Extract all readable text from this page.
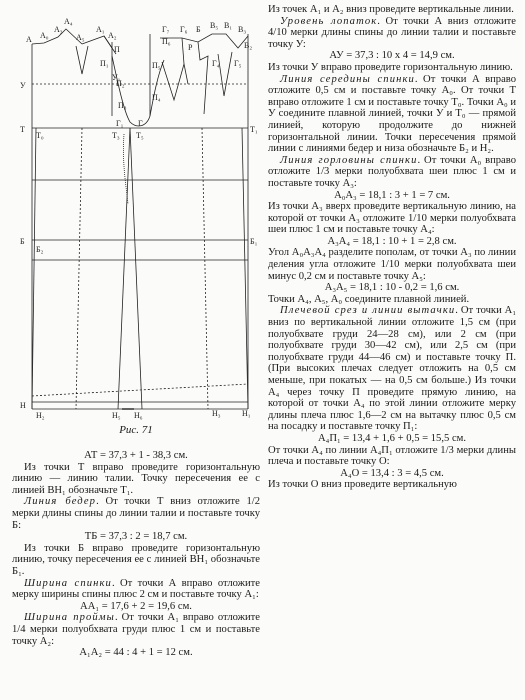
A₀
A
A₃
A₄
A₅
A₁
A₂
П
П₁
П₂
П₃
П₄
П₅
П₆
Г₇ Г₆ Б В₅ В₁ В₃
В₂
Р
Г₄ Г₅
У
У₁
Г
Г₁
T
T₀	T₃ T₅
T₁
Б
Б₂
Б₁
H
H₂	H₅ H₆	H₃	H₁
Рис. 71

АТ = 37,3 + 1 - 38,3 см.

Из точки Т вправо проведите горизонтальную линию — линию талии. Точку пересечения ее с линией ВН₁ обозначьте Т₁.

Линия бедер. От точки Т вниз отложите 1/2 мерки длины спины до линии талии и поставьте точку Б:

ТБ = 37,3 : 2 = 18,7 см.

Из точки Б вправо проведите горизонтальную линию, точку пересечения ее с линией ВН₁ обозначьте Б₁.

Ширина спинки. От точки А вправо отложите мерку ширины спины плюс 2 см и поставьте точку А₁:

АА₁ = 17,6 + 2 = 19,6 см.

Ширина проймы. От точки А₁ вправо отложите 1/4 мерки полуобхвата груди плюс 1 см и поставьте точку А₂:

А₁А₂ = 44 : 4 + 1 = 12 см.

Из точек А₁ и А₂ вниз проведите вертикальные линии.

Уровень лопаток. От точки А вниз отложите 4/10 мерки длины спины до линии талии и поставьте точку У:

АУ = 37,3 : 10 х 4 = 14,9 см.

Из точки У вправо проведите горизонтальную линию.

Линия середины спинки. От точки А вправо отложите 0,5 см и поставьте точку А₀. От точки Т вправо отложите 1 см и поставьте точку Т₀. Точки А₀ и У соедините плавной линией, точки У и Т₀ — прямой линией, которую продолжите до нижней горизонтальной линии. Точки пересечения прямой линии с линиями бедер и низа обозначьте Б₂ и Н₂.

Линия горловины спинки. От точки А₀ вправо отложите 1/3 мерки полуобхвата шеи плюс 1 см и поставьте точку А₃:

А₀А₃ = 18,1 : 3 + 1 = 7 см.

Из точки А₃ вверх проведите вертикальную линию, на которой от точки А₃ отложите 1/10 мерки полуобхвата шеи плюс 1 см и поставьте точку А₄:

А₃А₄ = 18,1 : 10 + 1 = 2,8 см.

Угол А₀А₃А₄ разделите пополам, от точки А₃ по линии деления угла отложите 1/10 мерки полуобхвата шеи минус 0,2 см и поставьте точку А₅:

А₃А₅ = 18,1 : 10 - 0,2 = 1,6 см.

Точки А₄, А₅, А₀ соедините плавной линией.

Плечевой срез и линии вытачки. От точки А₁ вниз по вертикальной линии отложите 1,5 см (при полуобхвате груди 24—28 см), или 2 см (при полуобхвате груди 30—42 см), или 2,5 см (при полуобхвате груди 44—46 см) и поставьте точку П. (При высоких плечах следует отложить на 0,5 см меньше, при покатых — на 0,5 см больше.) Из точки А₄ через точку П проведите прямую линию, на которой от точки А₄ по этой линии отложите мерку длины плеча плюс 1,6—2 см на вытачку плюс 0,5 см на посадку и поставьте точку П₁:

А₄П₁ = 13,4 + 1,6 + 0,5 = 15,5 см.

От точки А₄ по линии А₄П₁ отложите 1/3 мерки длины плеча и поставьте точку О:

А₄О = 13,4 : 3 = 4,5 см.

Из точки О вниз проведите вертикальную
